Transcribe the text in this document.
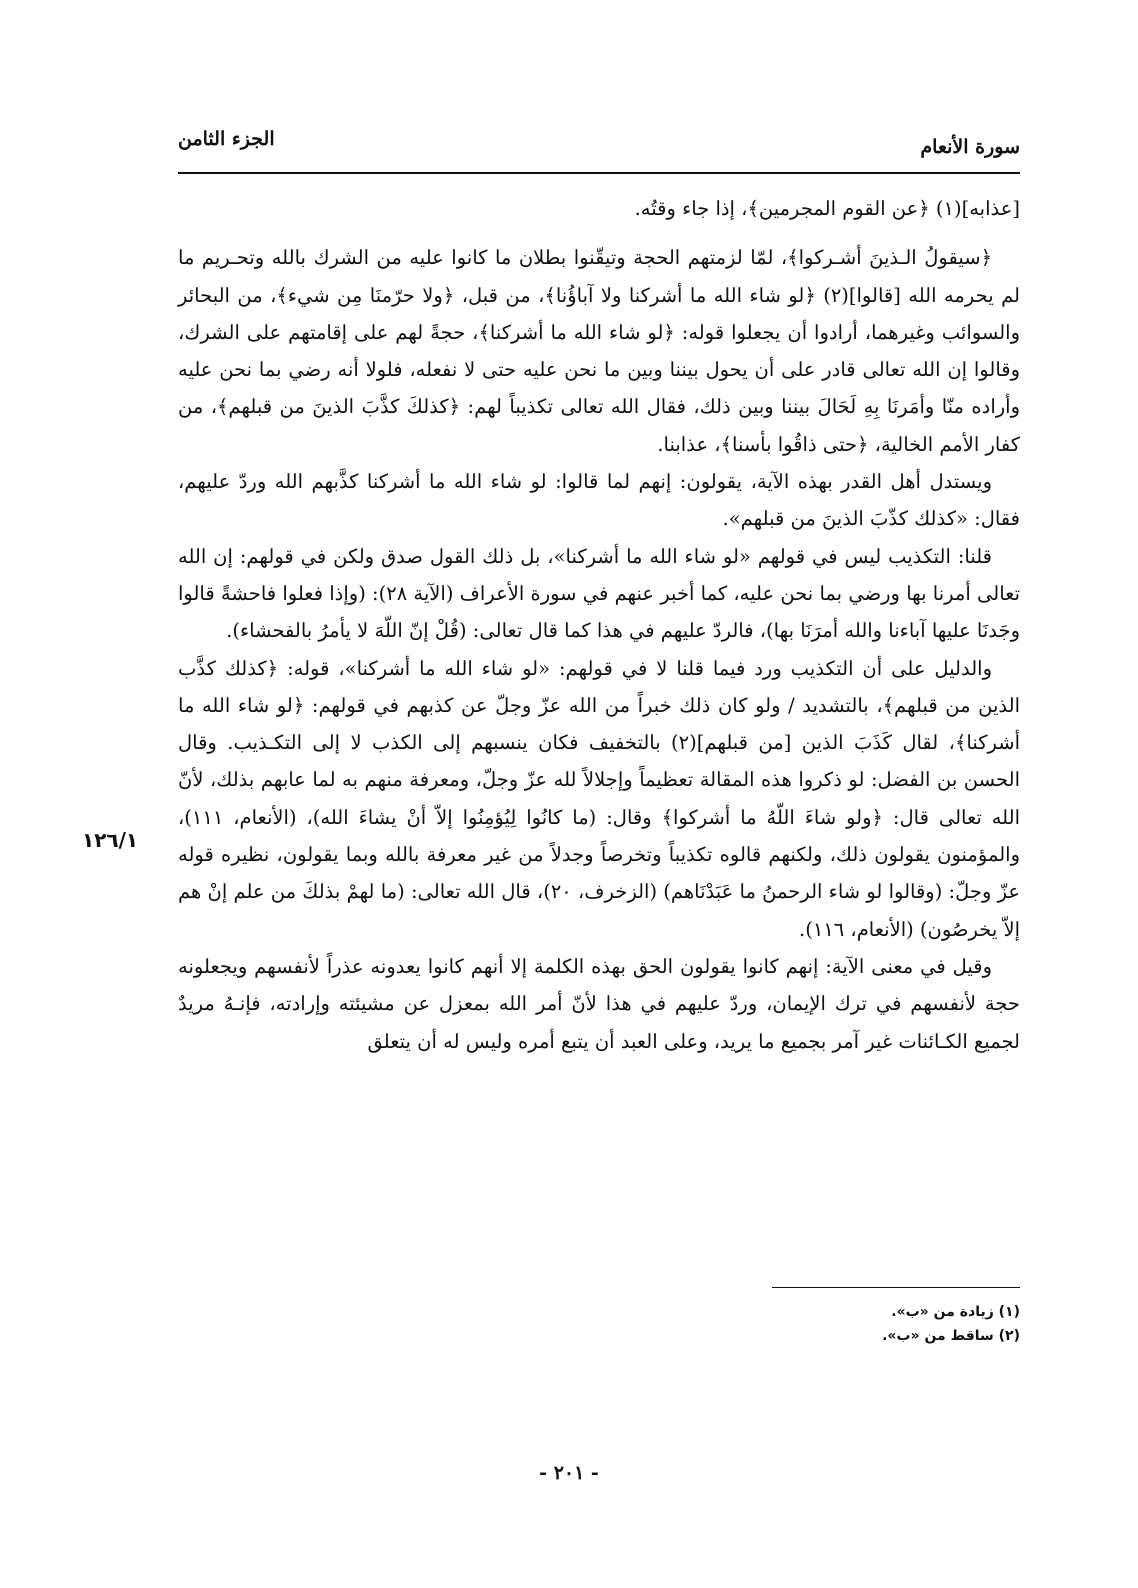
سورة الأنعام
الجزء الثامن

[عذابه](١) ﴿عن القوم المجرمين﴾، إذا جاء وقتُه.

﴿سيقولُ الـذينَ أشـركوا﴾، لمّا لزمتهم الحجة وتيقّنوا بطلان ما كانوا عليه من الشرك بالله وتحـريم ما لم يحرمه الله [قالوا](٢) ﴿لو شاء الله ما أشركنا ولا آباؤُنا﴾، من قبل، ﴿ولا حرّمنَا مِن شيء﴾، من البحائر والسوائب وغيرهما، أرادوا أن يجعلوا قوله: ﴿لو شاء الله ما أشركنا﴾، حجةً لهم على إقامتهم على الشرك، وقالوا إن الله تعالى قادر على أن يحول بيننا وبين ما نحن عليه حتى لا نفعله، فلولا أنه رضي بما نحن عليه وأراده منّا وأمَرنَا بِهِ لَحَالَ بيننا وبين ذلك، فقال الله تعالى تكذيباً لهم: ﴿كذلكَ كذَّبَ الذينَ من قبلهم﴾، من كفار الأمم الخالية، ﴿حتى ذاقُوا بأسنا﴾، عذابنا.

ويستدل أهل القدر بهذه الآية، يقولون: إنهم لما قالوا: لو شاء الله ما أشركنا كذَّبهم الله وردّ عليهم، فقال: «كذلك كذّبَ الذينَ من قبلهم».

قلنا: التكذيب ليس في قولهم «لو شاء الله ما أشركنا»، بل ذلك القول صدق ولكن في قولهم: إن الله تعالى أمرنا بها ورضي بما نحن عليه، كما أخبر عنهم في سورة الأعراف (الآية ٢٨): (وإذا فعلوا فاحشةً قالوا وجَدنَا عليها آباءنا والله أمرَنَا بها)، فالردّ عليهم في هذا كما قال تعالى: (قُلْ إنّ اللّهَ لا يأمرُ بالفحشاء).

والدليل على أن التكذيب ورد فيما قلنا لا في قولهم: «لو شاء الله ما أشركنا»، قوله: ﴿كذلك كذَّب الذين من قبلهم﴾، بالتشديد / ولو كان ذلك خبراً من الله عزّ وجلّ عن كذبهم في قولهم: ﴿لو شاء الله ما أشركنا﴾، لقال كَذَبَ الذين [من قبلهم](٢) بالتخفيف فكان ينسبهم إلى الكذب لا إلى التكـذيب. وقال الحسن بن الفضل: لو ذكروا هذه المقالة تعظيماً وإجلالاً لله عزّ وجلّ، ومعرفة منهم به لما عابهم بذلك، لأنّ الله تعالى قال: ﴿ولو شاءَ اللّهُ ما أشركوا﴾ وقال: (ما كانُوا لِيُؤمِنُوا إلاّ أنْ يشاءَ الله)، (الأنعام، ١١١)، والمؤمنون يقولون ذلك، ولكنهم قالوه تكذيباً وتخرصاً وجدلاً من غير معرفة بالله وبما يقولون، نظيره قوله عزّ وجلّ: (وقالوا لو شاء الرحمنُ ما عَبَدْنَاهم) (الزخرف، ٢٠)، قال الله تعالى: (ما لهمْ بذلكَ من علم إنْ هم إلاّ يخرصُون) (الأنعام، ١١٦).

وقيل في معنى الآية: إنهم كانوا يقولون الحق بهذه الكلمة إلا أنهم كانوا يعدونه عذراً لأنفسهم ويجعلونه حجة لأنفسهم في ترك الإيمان، وردّ عليهم في هذا لأنّ أمر الله بمعزل عن مشيئته وإرادته، فإنـهُ مريدٌ لجميع الكـائنات غير آمر بجميع ما يريد، وعلى العبد أن يتبع أمره وليس له أن يتعلق

١٢٦/١
(١) زيادة من «ب».
(٢) ساقط من «ب».
- ٢٠١ -
